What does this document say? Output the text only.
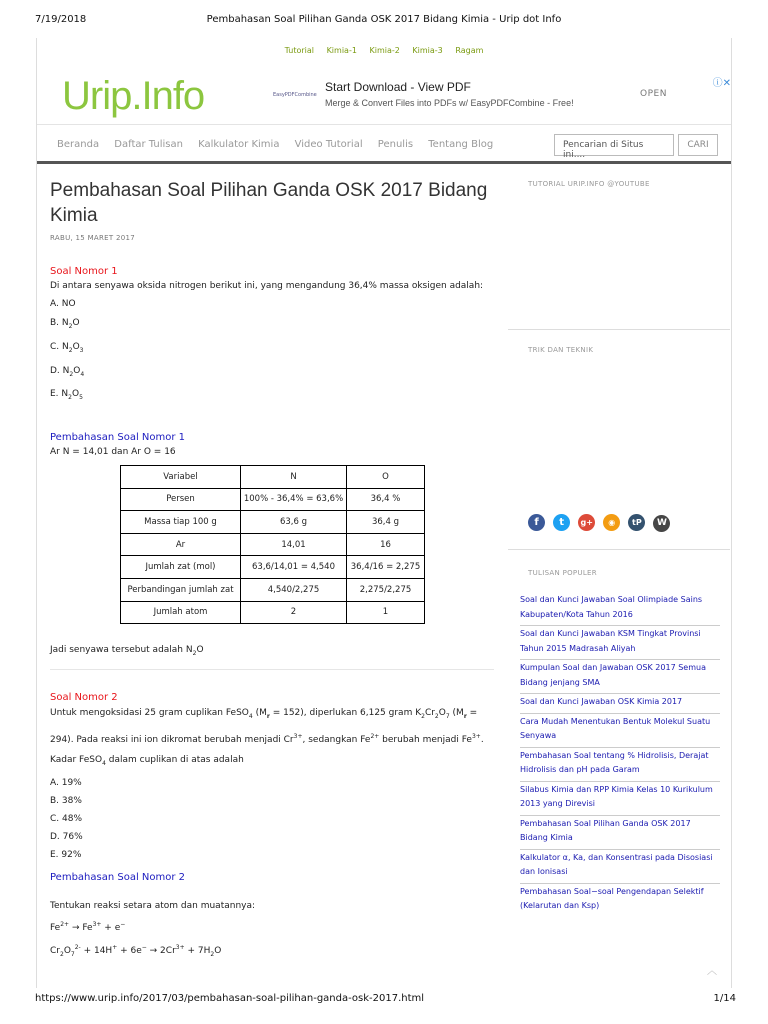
7/19/2018	Pembahasan Soal Pilihan Ganda OSK 2017 Bidang Kimia - Urip dot Info
Tutorial Kimia-1 Kimia-2 Kimia-3 Ragam
Urip.Info	EasyPDFCombine
Start Download - View PDF
Merge & Convert Files into PDFs w/ EasyPDFCombine - Free!
OPEN
ⓘ✕
Beranda Daftar Tulisan Kalkulator Kimia Video Tutorial Penulis Tentang Blog	Pencarian di Situs ini....
CARI
Pembahasan Soal Pilihan Ganda OSK 2017 Bidang Kimia
RABU, 15 MARET 2017
Soal Nomor 1
Di antara senyawa oksida nitrogen berikut ini, yang mengandung 36,4% massa oksigen adalah:
A. NO
B. $N_2O$
C. $N_2O_3$
D. $N_2O_4$
E. $N_2O_5$
Pembahasan Soal Nomor 1
Ar N = 14,01 dan Ar O = 16
Variabel	N	O
Persen	100% - 36,4% = 63,6%	36,4 %
Massa tiap 100 g	63,6 g	36,4 g
Ar	14,01	16
Jumlah zat (mol)	63,6/14,01 = 4,540	36,4/16 = 2,275
Perbandingan jumlah zat	4,540/2,275	2,275/2,275
Jumlah atom	2	1
Jadi senyawa tersebut adalah $N_2O$
Soal Nomor 2
Untuk mengoksidasi 25 gram cuplikan FeSO$_4$ $(M_r = 152)$, diperlukan 6,125 gram $K_2Cr_2O_7$ $(M_r = 294)$. Pada reaksi ini ion dikromat berubah menjadi $Cr^{3+}$, sedangkan $Fe^{2+}$ berubah menjadi $Fe^{3+}$. Kadar FeSO$_4$ dalam cuplikan di atas adalah
A. 19%
B. 38%
C. 48%
D. 76%
E. 92%
Pembahasan Soal Nomor 2
Tentukan reaksi setara atom dan muatannya:
$Fe^{2+} \to Fe^{3+} + e^-$
$Cr_2O_7^{2-} + 14H^+ + 6e^- \to 2Cr^{3+} + 7H_2O$
TUTORIAL URIP.INFO @YOUTUBE
TRIK DAN TEKNIK
f t g+ ◉ tP W
TULISAN POPULER
Soal dan Kunci Jawaban Soal Olimpiade Sains Kabupaten/Kota Tahun 2016
Soal dan Kunci Jawaban KSM Tingkat Provinsi Tahun 2015 Madrasah Aliyah
Kumpulan Soal dan Jawaban OSK 2017 Semua Bidang jenjang SMA
Soal dan Kunci Jawaban OSK Kimia 2017
Cara Mudah Menentukan Bentuk Molekul Suatu Senyawa
Pembahasan Soal tentang % Hidrolisis, Derajat Hidrolisis dan pH pada Garam
Silabus Kimia dan RPP Kimia Kelas 10 Kurikulum 2013 yang Direvisi
Pembahasan Soal Pilihan Ganda OSK 2017 Bidang Kimia
Kalkulator α, Ka, dan Konsentrasi pada Disosiasi dan Ionisasi
Pembahasan Soal−soal Pengendapan Selektif (Kelarutan dan Ksp)
︿
https://www.urip.info/2017/03/pembahasan-soal-pilihan-ganda-osk-2017.html	1/14
